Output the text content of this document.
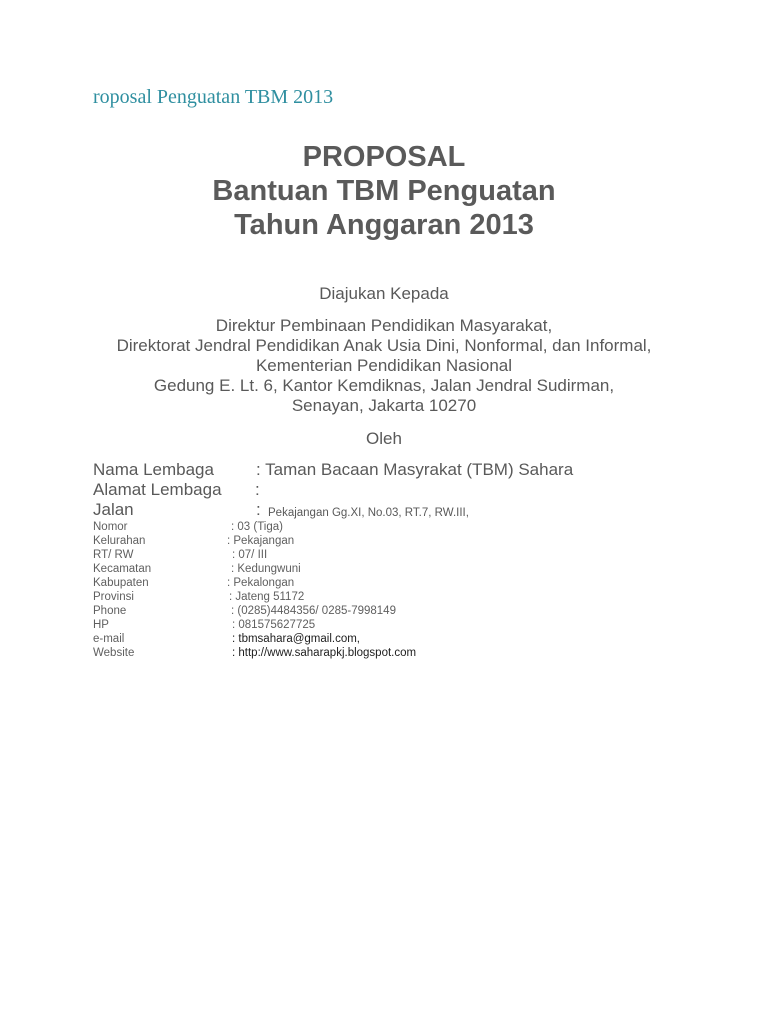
roposal Penguatan TBM 2013
PROPOSAL
Bantuan TBM Penguatan
Tahun Anggaran 2013
Diajukan Kepada
Direktur Pembinaan Pendidikan Masyarakat,
Direktorat Jendral Pendidikan Anak Usia Dini, Nonformal, dan Informal,
Kementerian Pendidikan Nasional
Gedung E. Lt. 6, Kantor Kemdiknas, Jalan Jendral Sudirman,
Senayan, Jakarta 10270
Oleh
Nama Lembaga : Taman Bacaan Masyrakat (TBM) Sahara
Alamat Lembaga :
Jalan	: Pekajangan Gg.XI, No.03, RT.7, RW.III,
Nomor	: 03 (Tiga)
Kelurahan	: Pekajangan
RT/ RW	: 07/ III
Kecamatan	: Kedungwuni
Kabupaten	: Pekalongan
Provinsi	: Jateng 51172
Phone	: (0285)4484356/ 0285-7998149
HP	: 081575627725
e-mail	: tbmsahara@gmail.com,
Website	: http://www.saharapkj.blogspot.com
